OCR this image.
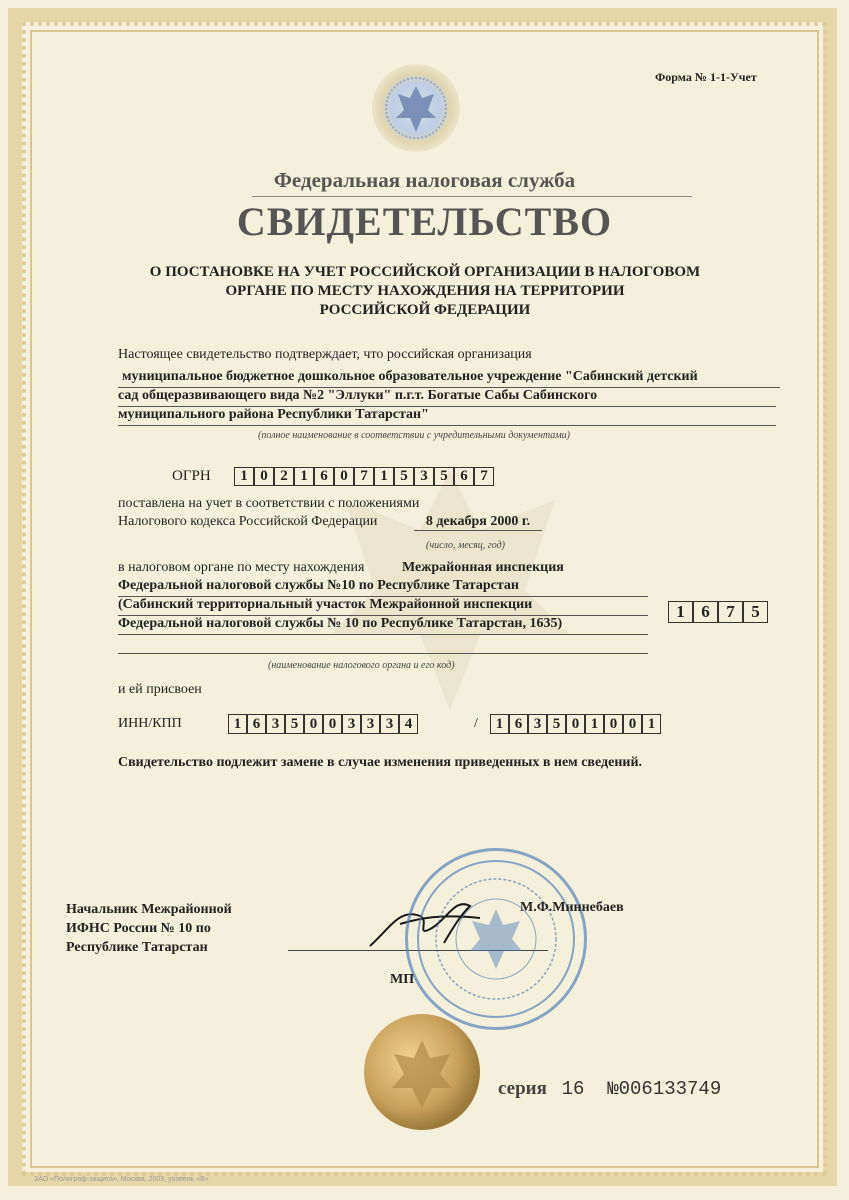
Форма № 1-1-Учет
Федеральная налоговая служба
СВИДЕТЕЛЬСТВО
О ПОСТАНОВКЕ НА УЧЕТ РОССИЙСКОЙ ОРГАНИЗАЦИИ В НАЛОГОВОМ
ОРГАНЕ ПО МЕСТУ НАХОЖДЕНИЯ НА ТЕРРИТОРИИ
РОССИЙСКОЙ ФЕДЕРАЦИИ
Настоящее свидетельство подтверждает, что российская организация
муниципальное бюджетное дошкольное образовательное учреждение "Сабинский детский
сад общеразвивающего вида №2 "Эллуки" п.г.т. Богатые Сабы Сабинского
муниципального района Республики Татарстан"
(полное наименование в соответствии с учредительными документами)
ОГРН	1 0 2 1 6 0 7 1 5 3 5 6 7
поставлена на учет в соответствии с положениями
Налогового кодекса Российской Федерации	8 декабря 2000 г.
(число, месяц, год)
в налоговом органе по месту нахождения	Межрайонная инспекция
Федеральной налоговой службы №10 по Республике Татарстан
(Сабинский территориальный участок Межрайонной инспекции
Федеральной налоговой службы № 10 по Республике Татарстан, 1635)
1 6 7 5
(наименование налогового органа и его код)
и ей присвоен
ИНН/КПП	1 6 3 5 0 0 3 3 3 4	/	1 6 3 5 0 1 0 0 1
Свидетельство подлежит замене в случае изменения приведенных в нем сведений.
Начальник Межрайонной
ИФНС России № 10 по
Республике Татарстан
М.Ф.Миннебаев
МП
серия 16 №006133749
ЗАО «Полиграф-защита», Москва, 2009, уровень «В»
